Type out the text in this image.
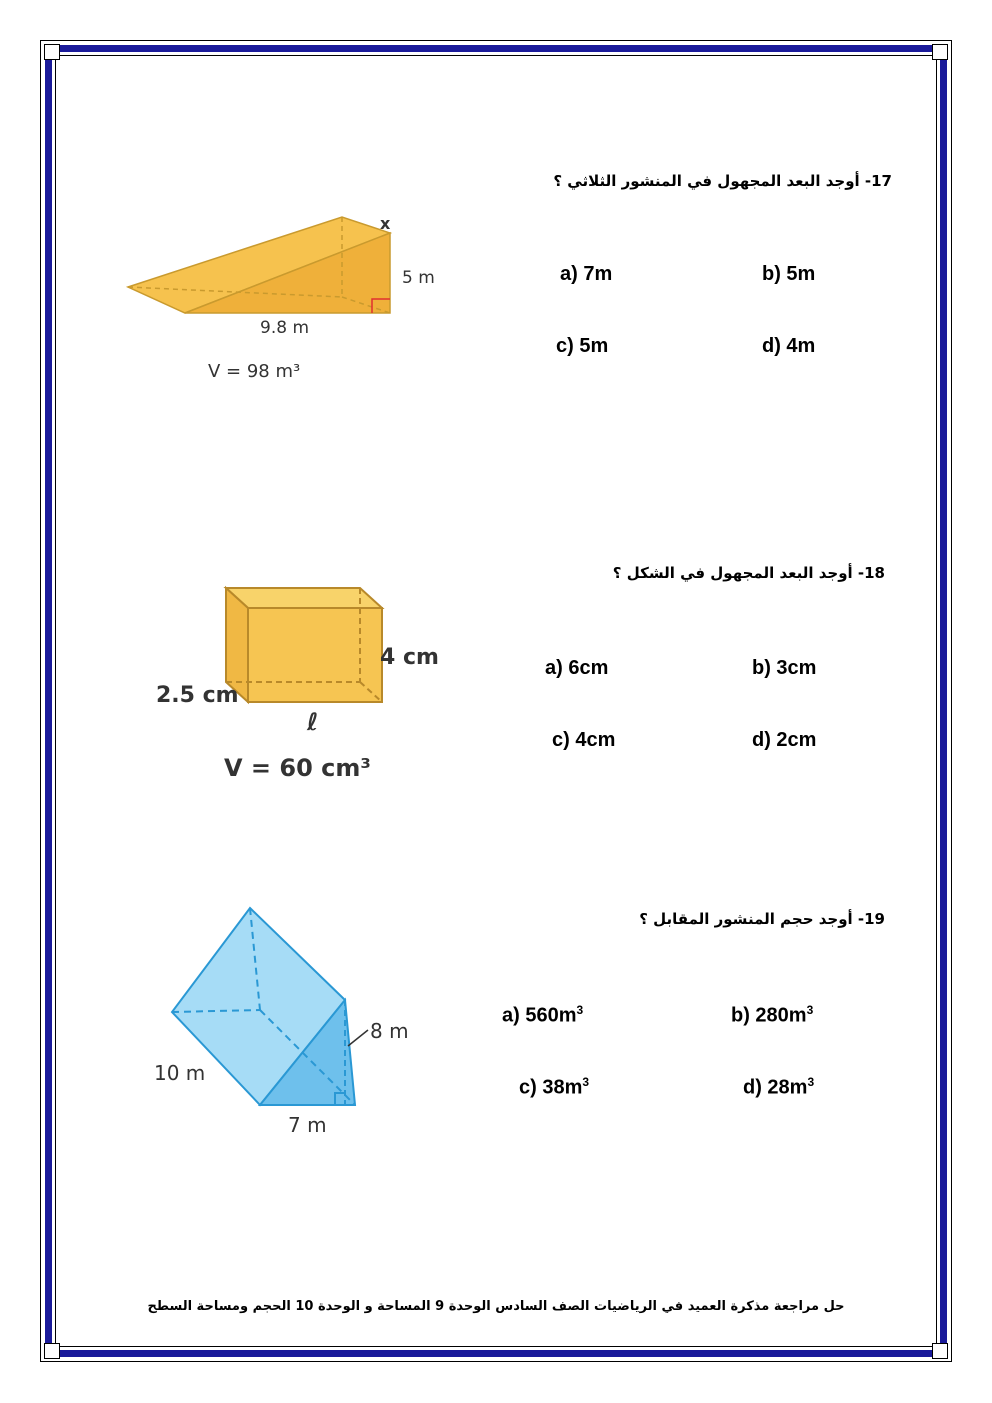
17- أوجد البعد المجهول في المنشور الثلاثي ؟
x
5 m
9.8 m
V = 98 m³
a) 7m	b) 5m
c) 5m	d) 4m
18- أوجد البعد المجهول في الشكل ؟
4 cm
2.5 cm
ℓ
V = 60 cm³
a) 6cm	b) 3cm
c) 4cm	d) 2cm
19- أوجد حجم المنشور المقابل ؟
8 m
10 m
7 m
a) $560m^3$	b) $280m^3$
c) $38m^3$	d) $28m^3$
حل مراجعة مذكرة العميد في الرياضيات الصف السادس الوحدة 9 المساحة و الوحدة 10 الحجم ومساحة السطح
